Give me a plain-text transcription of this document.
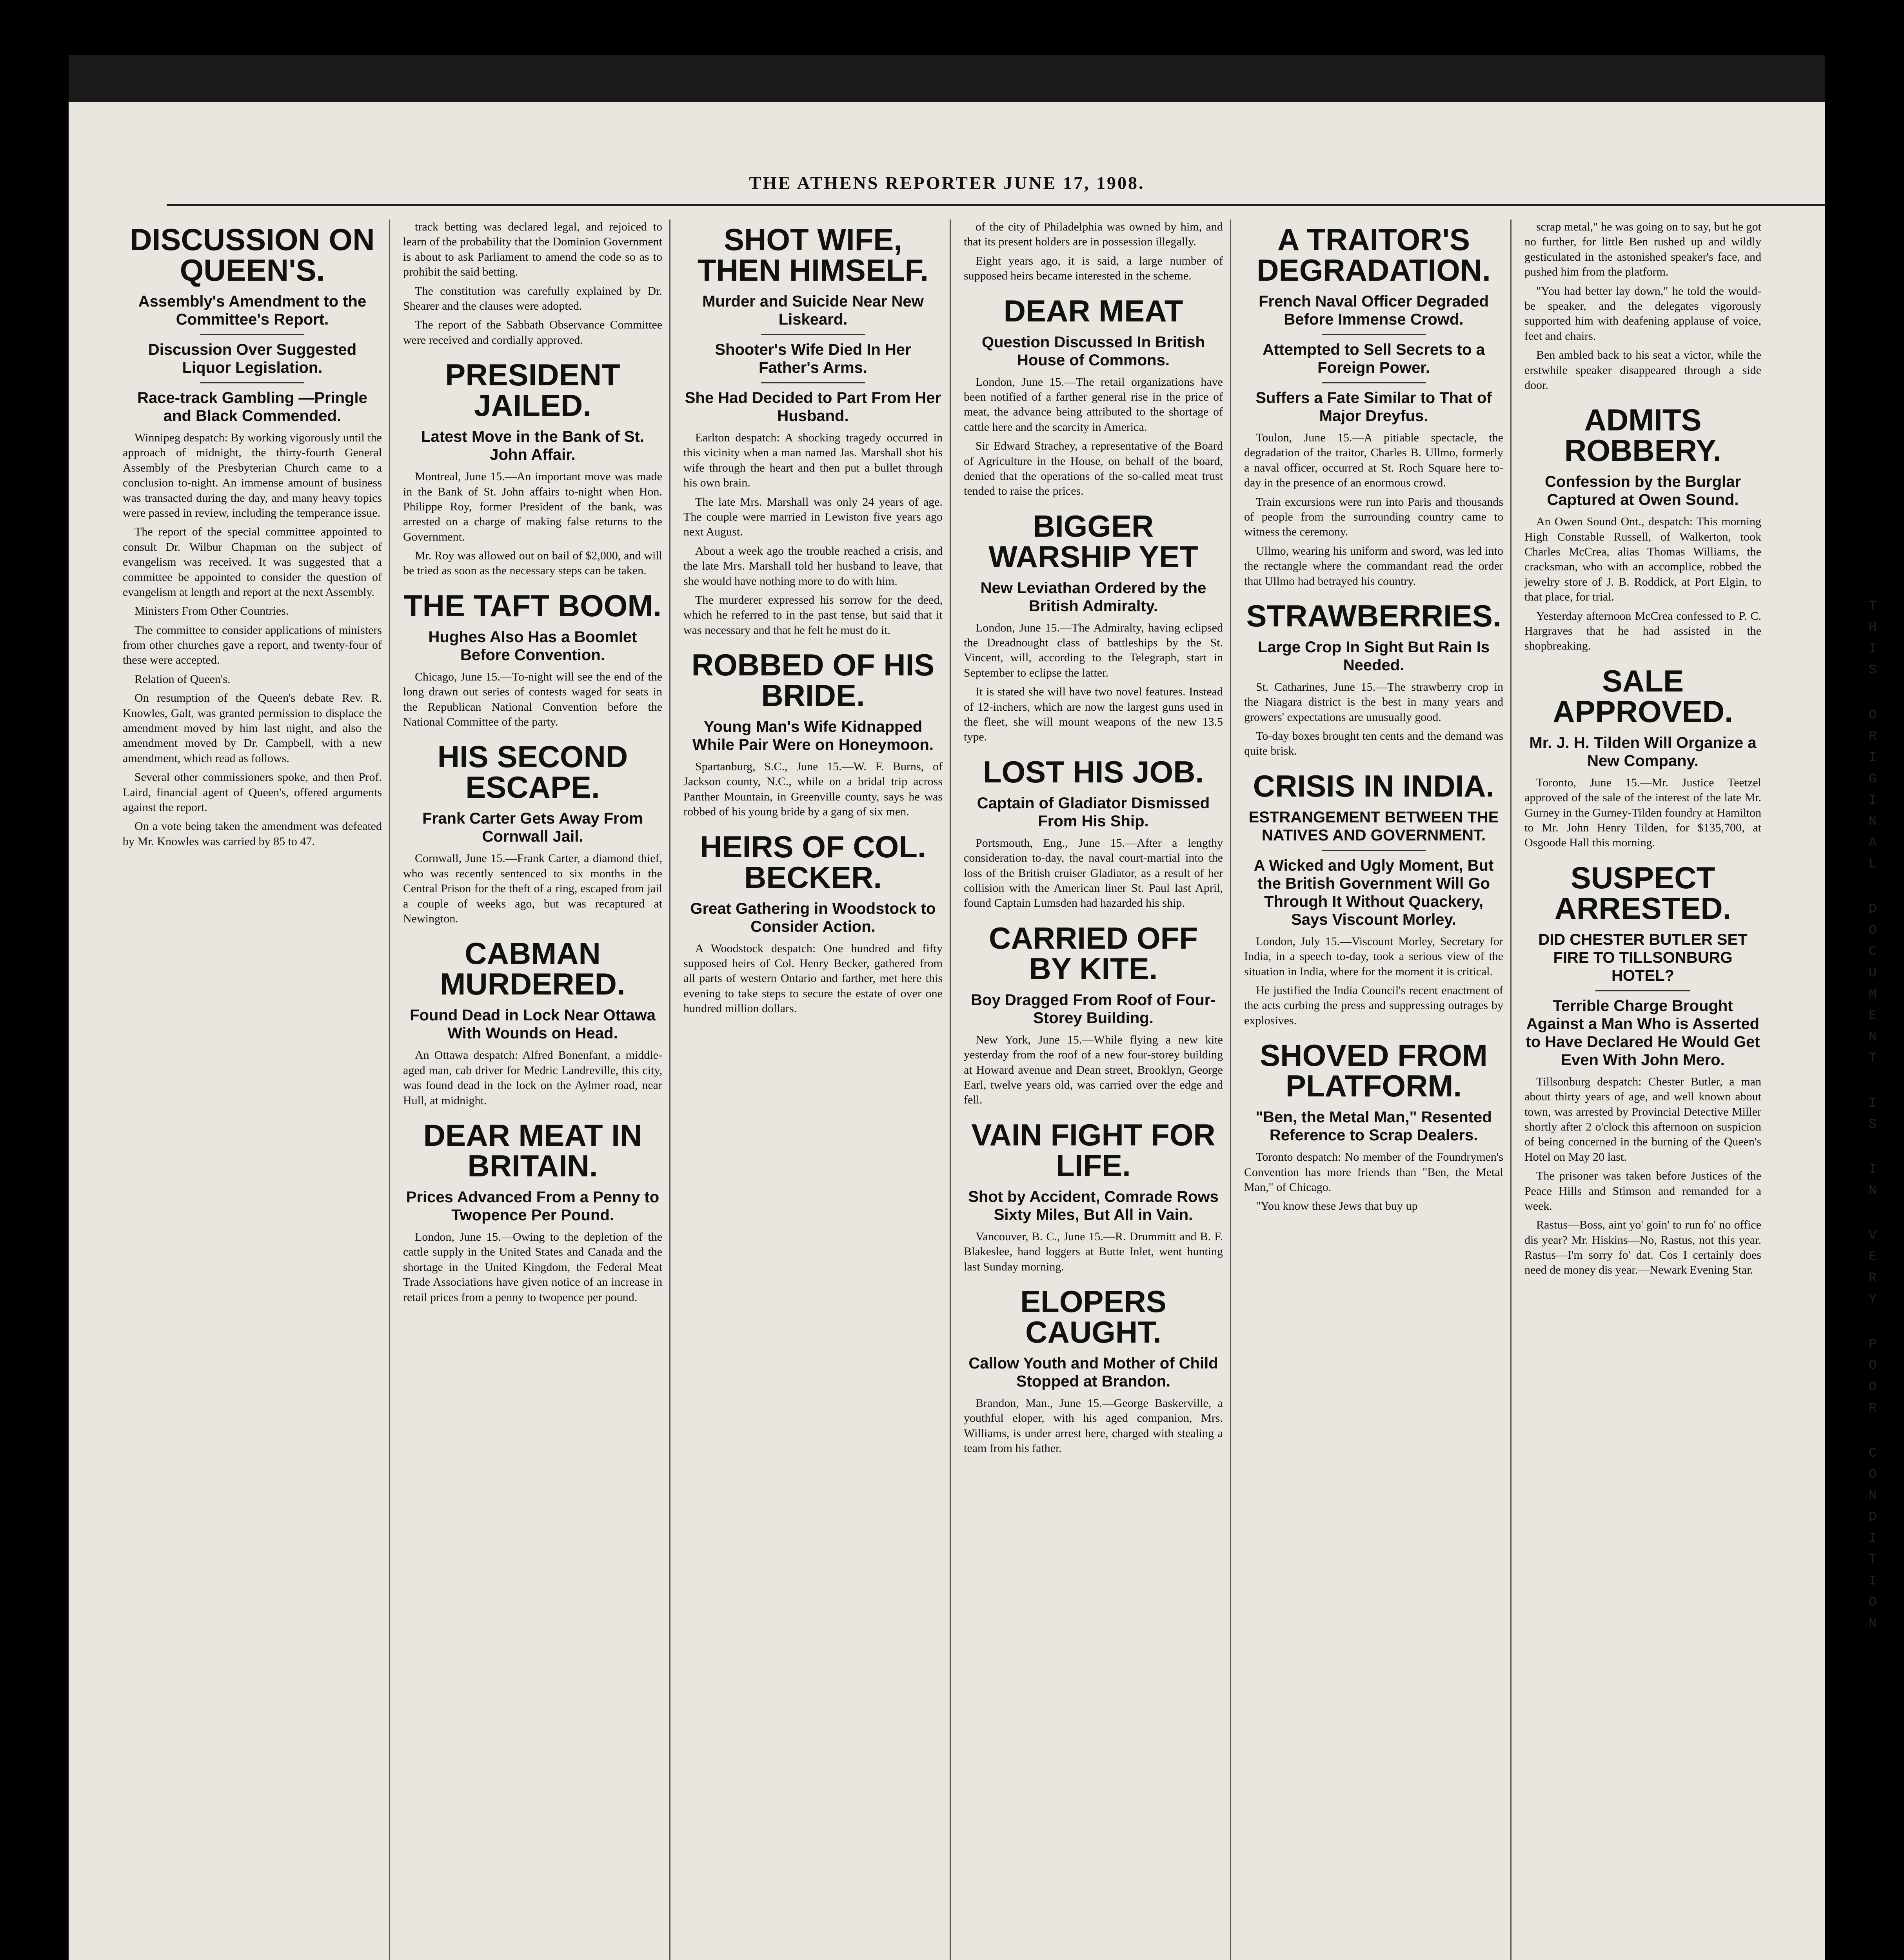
THE ATHENS REPORTER JUNE 17, 1908.
DISCUSSION ON QUEEN'S.
Assembly's Amendment to the Committee's Report.
Discussion Over Suggested Liquor Legislation.
Race-track Gambling —Pringle and Black Commended.
Winnipeg despatch: By working vigorously until the approach of midnight, the thirty-fourth General Assembly of the Presbyterian Church came to a conclusion to-night. An immense amount of business was transacted during the day, and many heavy topics were passed in review, including the temperance issue.
The report of the special committee appointed to consult Dr. Wilbur Chapman on the subject of evangelism was received. It was suggested that a committee be appointed to consider the question of evangelism at length and report at the next Assembly.
Ministers From Other Countries.
The committee to consider applications of ministers from other churches gave a report, and twenty-four of these were accepted.
Relation of Queen's.
On resumption of the Queen's debate Rev. R. Knowles, Galt, was granted permission to displace the amendment moved by him last night, and also the amendment moved by Dr. Campbell, with a new amendment, which read as follows.
Several other commissioners spoke, and then Prof. Laird, financial agent of Queen's, offered arguments against the report.
On a vote being taken the amendment was defeated by Mr. Knowles was carried by 85 to 47.
track betting was declared legal, and rejoiced to learn of the probability that the Dominion Government is about to ask Parliament to amend the code so as to prohibit the said betting.
The constitution was carefully explained by Dr. Shearer and the clauses were adopted.
The report of the Sabbath Observance Committee were received and cordially approved.
PRESIDENT JAILED.
Latest Move in the Bank of St. John Affair.
Montreal, June 15.—An important move was made in the Bank of St. John affairs to-night when Hon. Philippe Roy, former President of the bank, was arrested on a charge of making false returns to the Government.
Mr. Roy was allowed out on bail of $2,000, and will be tried as soon as the necessary steps can be taken.
THE TAFT BOOM.
Hughes Also Has a Boomlet Before Convention.
Chicago, June 15.—To-night will see the end of the long drawn out series of contests waged for seats in the Republican National Convention before the National Committee of the party.
HIS SECOND ESCAPE.
Frank Carter Gets Away From Cornwall Jail.
Cornwall, June 15.—Frank Carter, a diamond thief, who was recently sentenced to six months in the Central Prison for the theft of a ring, escaped from jail a couple of weeks ago, but was recaptured at Newington.
CABMAN MURDERED.
Found Dead in Lock Near Ottawa With Wounds on Head.
An Ottawa despatch: Alfred Bonenfant, a middle-aged man, cab driver for Medric Landreville, this city, was found dead in the lock on the Aylmer road, near Hull, at midnight.
DEAR MEAT IN BRITAIN.
Prices Advanced From a Penny to Twopence Per Pound.
London, June 15.—Owing to the depletion of the cattle supply in the United States and Canada and the shortage in the United Kingdom, the Federal Meat Trade Associations have given notice of an increase in retail prices from a penny to twopence per pound.
SHOT WIFE, THEN HIMSELF.
Murder and Suicide Near New Liskeard.
Shooter's Wife Died In Her Father's Arms.
She Had Decided to Part From Her Husband.
Earlton despatch: A shocking tragedy occurred in this vicinity when a man named Jas. Marshall shot his wife through the heart and then put a bullet through his own brain.
The late Mrs. Marshall was only 24 years of age. The couple were married in Lewiston five years ago next August.
About a week ago the trouble reached a crisis, and the late Mrs. Marshall told her husband to leave, that she would have nothing more to do with him.
The murderer expressed his sorrow for the deed, which he referred to in the past tense, but said that it was necessary and that he felt he must do it.
ROBBED OF HIS BRIDE.
Young Man's Wife Kidnapped While Pair Were on Honeymoon.
Spartanburg, S.C., June 15.—W. F. Burns, of Jackson county, N.C., while on a bridal trip across Panther Mountain, in Greenville county, says he was robbed of his young bride by a gang of six men.
HEIRS OF COL. BECKER.
Great Gathering in Woodstock to Consider Action.
A Woodstock despatch: One hundred and fifty supposed heirs of Col. Henry Becker, gathered from all parts of western Ontario and farther, met here this evening to take steps to secure the estate of over one hundred million dollars.
of the city of Philadelphia was owned by him, and that its present holders are in possession illegally.
Eight years ago, it is said, a large number of supposed heirs became interested in the scheme.
DEAR MEAT
Question Discussed In British House of Commons.
London, June 15.—The retail organizations have been notified of a farther general rise in the price of meat, the advance being attributed to the shortage of cattle here and the scarcity in America.
Sir Edward Strachey, a representative of the Board of Agriculture in the House, on behalf of the board, denied that the operations of the so-called meat trust tended to raise the prices.
BIGGER WARSHIP YET
New Leviathan Ordered by the British Admiralty.
London, June 15.—The Admiralty, having eclipsed the Dreadnought class of battleships by the St. Vincent, will, according to the Telegraph, start in September to eclipse the latter.
It is stated she will have two novel features. Instead of 12-inchers, which are now the largest guns used in the fleet, she will mount weapons of the new 13.5 type.
LOST HIS JOB.
Captain of Gladiator Dismissed From His Ship.
Portsmouth, Eng., June 15.—After a lengthy consideration to-day, the naval court-martial into the loss of the British cruiser Gladiator, as a result of her collision with the American liner St. Paul last April, found Captain Lumsden had hazarded his ship.
CARRIED OFF BY KITE.
Boy Dragged From Roof of Four-Storey Building.
New York, June 15.—While flying a new kite yesterday from the roof of a new four-storey building at Howard avenue and Dean street, Brooklyn, George Earl, twelve years old, was carried over the edge and fell.
VAIN FIGHT FOR LIFE.
Shot by Accident, Comrade Rows Sixty Miles, But All in Vain.
Vancouver, B. C., June 15.—R. Drummitt and B. F. Blakeslee, hand loggers at Butte Inlet, went hunting last Sunday morning.
ELOPERS CAUGHT.
Callow Youth and Mother of Child Stopped at Brandon.
Brandon, Man., June 15.—George Baskerville, a youthful eloper, with his aged companion, Mrs. Williams, is under arrest here, charged with stealing a team from his father.
A TRAITOR'S DEGRADATION.
French Naval Officer Degraded Before Immense Crowd.
Attempted to Sell Secrets to a Foreign Power.
Suffers a Fate Similar to That of Major Dreyfus.
Toulon, June 15.—A pitiable spectacle, the degradation of the traitor, Charles B. Ullmo, formerly a naval officer, occurred at St. Roch Square here to-day in the presence of an enormous crowd.
Train excursions were run into Paris and thousands of people from the surrounding country came to witness the ceremony.
Ullmo, wearing his uniform and sword, was led into the rectangle where the commandant read the order that Ullmo had betrayed his country.
STRAWBERRIES.
Large Crop In Sight But Rain Is Needed.
St. Catharines, June 15.—The strawberry crop in the Niagara district is the best in many years and growers' expectations are unusually good.
To-day boxes brought ten cents and the demand was quite brisk.
CRISIS IN INDIA.
ESTRANGEMENT BETWEEN THE NATIVES AND GOVERNMENT.
A Wicked and Ugly Moment, But the British Government Will Go Through It Without Quackery, Says Viscount Morley.
London, July 15.—Viscount Morley, Secretary for India, in a speech to-day, took a serious view of the situation in India, where for the moment it is critical.
He justified the India Council's recent enactment of the acts curbing the press and suppressing outrages by explosives.
SHOVED FROM PLATFORM.
"Ben, the Metal Man," Resented Reference to Scrap Dealers.
Toronto despatch: No member of the Foundrymen's Convention has more friends than "Ben, the Metal Man," of Chicago.
"You know these Jews that buy up
scrap metal," he was going on to say, but he got no further, for little Ben rushed up and wildly gesticulated in the astonished speaker's face, and pushed him from the platform.
"You had better lay down," he told the would-be speaker, and the delegates vigorously supported him with deafening applause of voice, feet and chairs.
Ben ambled back to his seat a victor, while the erstwhile speaker disappeared through a side door.
ADMITS ROBBERY.
Confession by the Burglar Captured at Owen Sound.
An Owen Sound Ont., despatch: This morning High Constable Russell, of Walkerton, took Charles McCrea, alias Thomas Williams, the cracksman, who with an accomplice, robbed the jewelry store of J. B. Roddick, at Port Elgin, to that place, for trial.
Yesterday afternoon McCrea confessed to P. C. Hargraves that he had assisted in the shopbreaking.
SALE APPROVED.
Mr. J. H. Tilden Will Organize a New Company.
Toronto, June 15.—Mr. Justice Teetzel approved of the sale of the interest of the late Mr. Gurney in the Gurney-Tilden foundry at Hamilton to Mr. John Henry Tilden, for $135,700, at Osgoode Hall this morning.
SUSPECT ARRESTED.
DID CHESTER BUTLER SET FIRE TO TILLSONBURG HOTEL?
Terrible Charge Brought Against a Man Who is Asserted to Have Declared He Would Get Even With John Mero.
Tillsonburg despatch: Chester Butler, a man about thirty years of age, and well known about town, was arrested by Provincial Detective Miller shortly after 2 o'clock this afternoon on suspicion of being concerned in the burning of the Queen's Hotel on May 20 last.
The prisoner was taken before Justices of the Peace Hills and Stimson and remanded for a week.
Rastus—Boss, aint yo' goin' to run fo' no office dis year? Mr. Hiskins—No, Rastus, not this year. Rastus—I'm sorry fo' dat. Cos I certainly does need de money dis year.—Newark Evening Star.
THIS
ORIGINAL
DOCUMENT
IS
IN
VERY
POOR
CONDITION
